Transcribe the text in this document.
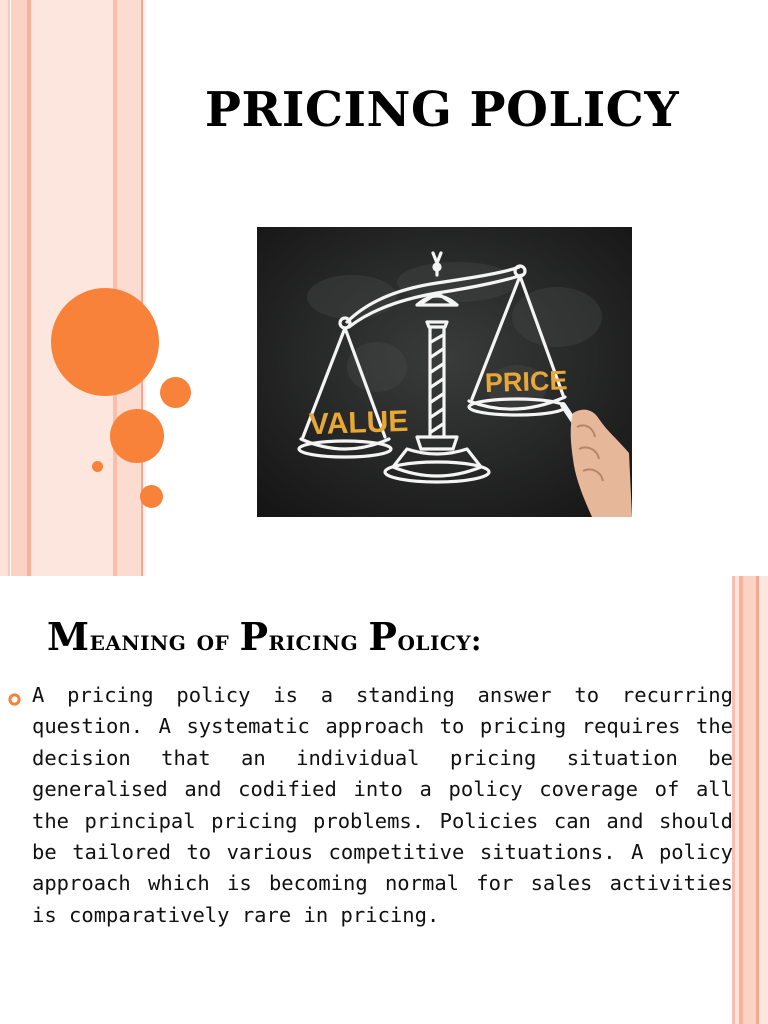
PRICING POLICY
VALUE
PRICE
Meaning of Pricing Policy:

A pricing policy is a standing answer to recurring question. A systematic approach to pricing requires the decision that an individual pricing situation be generalised and codified into a policy coverage of all the principal pricing problems. Policies can and should be tailored to various competitive situations. A policy approach which is becoming normal for sales activities is comparatively rare in pricing.
